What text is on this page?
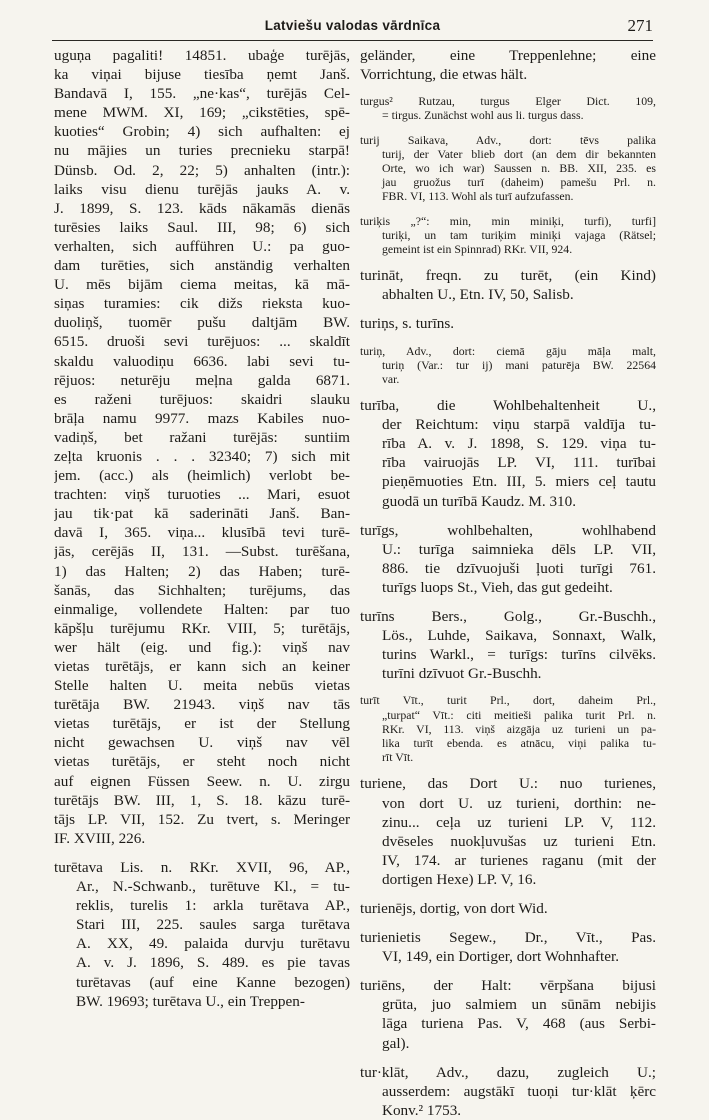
Latviešu valodas vārdnīca	271

uguņa pagaliti! 14851. ubaģe turējās,
ka viņai bijuse tiesība ņemt Janš.
Bandavā I, 155. „ne·kas“, turējās Cel-
mene MWM. XI, 169; „cikstēties, spē-
kuoties“ Grobin; 4) sich aufhalten: ej
nu mājies un turies precnieku starpā!
Dünsb. Od. 2, 22; 5) anhalten (intr.):
laiks visu dienu turējās jauks A. v.
J. 1899, S. 123. kāds nākamās dienās
turēsies laiks Saul. III, 98; 6) sich
verhalten, sich aufführen U.: pa guo-
dam turēties, sich anständig verhalten
U. mēs bijām ciema meitas, kā mā-
siņas turamies: cik dižs rieksta kuo-
duoliņš, tuomēr pušu daltjām BW.
6515. druoši sevi turējuos: ... skaldīt
skaldu valuodiņu 6636. labi sevi tu-
rējuos: neturēju meļna galda 6871.
es raženi turējuos: skaidri slauku
brāļa namu 9977. mazs Kabiles nuo-
vadiņš, bet ražani turējās: suntiim
zeļta kruonis . . . 32340; 7) sich mit
jem. (acc.) als (heimlich) verlobt be-
trachten: viņš turuoties ... Mari, esuot
jau tik·pat kā saderināti Janš. Ban-
davā I, 365. viņa... klusībā tevi turē-
jās, cerējās II, 131. —Subst. turēšana,
1) das Halten; 2) das Haben; turē-
šanās, das Sichhalten; turējums, das
einmalige, vollendete Halten: par tuo
kāpšļu turējumu RKr. VIII, 5; turētājs,
wer hält (eig. und fig.): viņš nav
vietas turētājs, er kann sich an keiner
Stelle halten U. meita nebūs vietas
turētāja BW. 21943. viņš nav tās
vietas turētājs, er ist der Stellung
nicht gewachsen U. viņš nav vēl
vietas turētājs, er steht noch nicht
auf eignen Füssen Seew. n. U. zirgu
turētājs BW. III, 1, S. 18. kāzu turē-
tājs LP. VII, 152. Zu tvert, s. Meringer
IF. XVIII, 226.

turētava Lis. n. RKr. XVII, 96, AP.,
Ar., N.-Schwanb., turētuve Kl., = tu-
reklis, turelis 1: arkla turētava AP.,
Stari III, 225. saules sarga turētava
A. XX, 49. palaida durvju turētavu
A. v. J. 1896, S. 489. es pie tavas
turētavas (auf eine Kanne bezogen)
BW. 19693; turētava U., ein Treppen-

geländer, eine Treppenlehne; eine
Vorrichtung, die etwas hält.

turgus² Rutzau, turgus Elger Dict. 109,
= tirgus. Zunächst wohl aus li. turgus dass.

turij Saikava, Adv., dort: tēvs palika
turij, der Vater blieb dort (an dem dir bekannten
Orte, wo ich war) Saussen n. BB. XII, 235. es
jau gruožus turī (daheim) pamešu Prl. n.
FBR. VI, 113. Wohl als turī aufzufassen.

turiķis „?“: min, min miniķi, turfi), turfi]
turiķi, un tam turiķim miniķi vajaga (Rätsel;
gemeint ist ein Spinnrad) RKr. VII, 924.

turināt, freqn. zu turēt, (ein Kind)
abhalten U., Etn. IV, 50, Salisb.

turiņs, s. turīns.

turiņ, Adv., dort: ciemā gāju māļa malt,
turiņ (Var.: tur ij) mani paturēja BW. 22564
var.

turība, die Wohlbehaltenheit U.,
der Reichtum: viņu starpā valdīja tu-
rība A. v. J. 1898, S. 129. viņa tu-
rība vairuojās LP. VI, 111. turībai
pieņēmuoties Etn. III, 5. miers ceļ tautu
guodā un turībā Kaudz. M. 310.

turīgs, wohlbehalten, wohlhabend
U.: turīga saimnieka dēls LP. VII,
886. tie dzīvuojuši ļuoti turīgi 761.
turīgs luops St., Vieh, das gut gedeiht.

turīns Bers., Golg., Gr.-Buschh.,
Lös., Luhde, Saikava, Sonnaxt, Walk,
turins Warkl., = turīgs: turīns cilvēks.
turīni dzīvuot Gr.-Buschh.

turīt Vīt., turit Prl., dort, daheim Prl.,
„turpat“ Vīt.: citi meitieši palika turit Prl. n.
RKr. VI, 113. viņš aizgāja uz turieni un pa-
lika turīt ebenda. es atnācu, viņi palika tu-
rīt Vīt.

turiene, das Dort U.: nuo turienes,
von dort U. uz turieni, dorthin: ne-
zinu... ceļa uz turieni LP. V, 112.
dvēseles nuokļuvušas uz turieni Etn.
IV, 174. ar turienes raganu (mit der
dortigen Hexe) LP. V, 16.

turienējs, dortig, von dort Wid.

turienietis Segew., Dr., Vīt., Pas.
VI, 149, ein Dortiger, dort Wohnhafter.

turiēns, der Halt: vērpšana bijusi
grūta, juo salmiem un sūnām nebijis
lāga turiena Pas. V, 468 (aus Serbi-
gal).

tur·klāt, Adv., dazu, zugleich U.;
ausserdem: augstākī tuoņi tur·klāt ķērc
Konv.² 1753.
